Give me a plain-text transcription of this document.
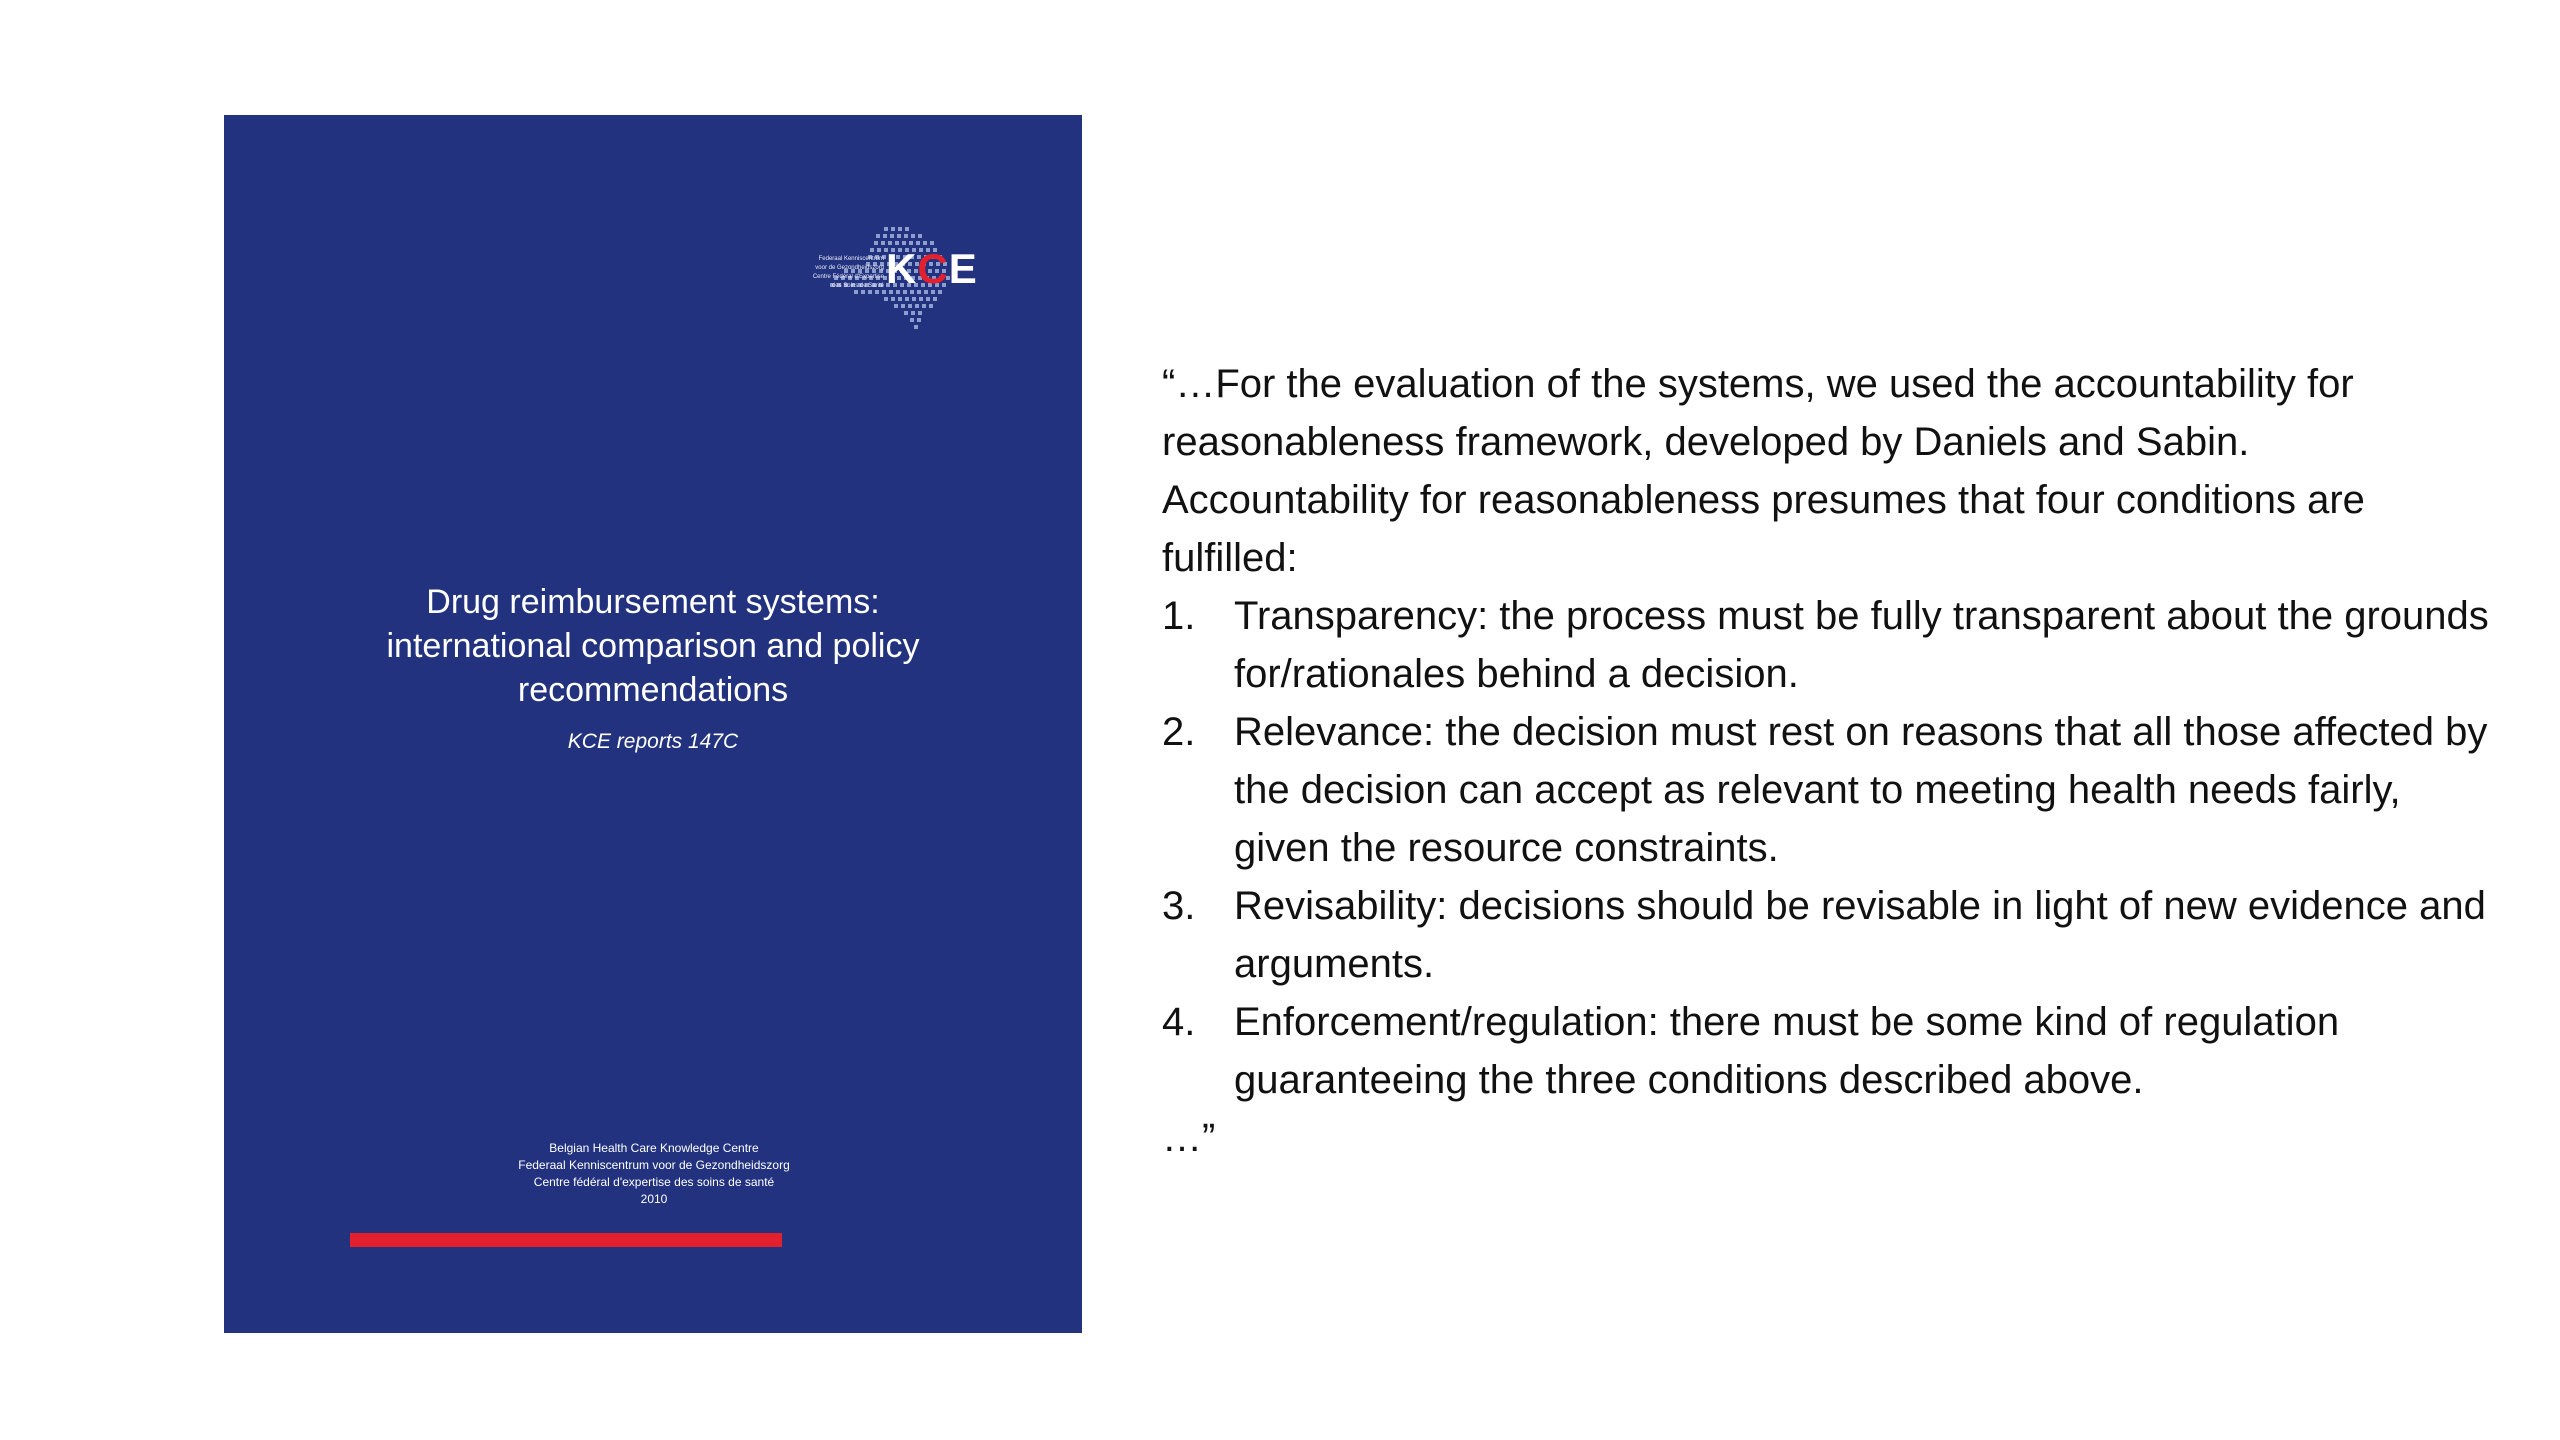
Federaal Kenniscentrum
voor de Gezondheidszorg
Centre Fédéral d'Expertise
des Soins de Santé KCE
Drug reimbursement systems:
international comparison and policy
recommendations
KCE reports 147C
Belgian Health Care Knowledge Centre
Federaal Kenniscentrum voor de Gezondheidszorg
Centre fédéral d'expertise des soins de santé
2010

“…For the evaluation of the systems, we used the accountability for reasonableness framework, developed by Daniels and Sabin. Accountability for reasonableness presumes that four conditions are fulfilled:

1. Transparency: the process must be fully transparent about the grounds for/rationales behind a decision.
2. Relevance: the decision must rest on reasons that all those affected by the decision can accept as relevant to meeting health needs fairly, given the resource constraints.
3. Revisability: decisions should be revisable in light of new evidence and arguments.
4. Enforcement/regulation: there must be some kind of regulation guaranteeing the three conditions described above.

…”
